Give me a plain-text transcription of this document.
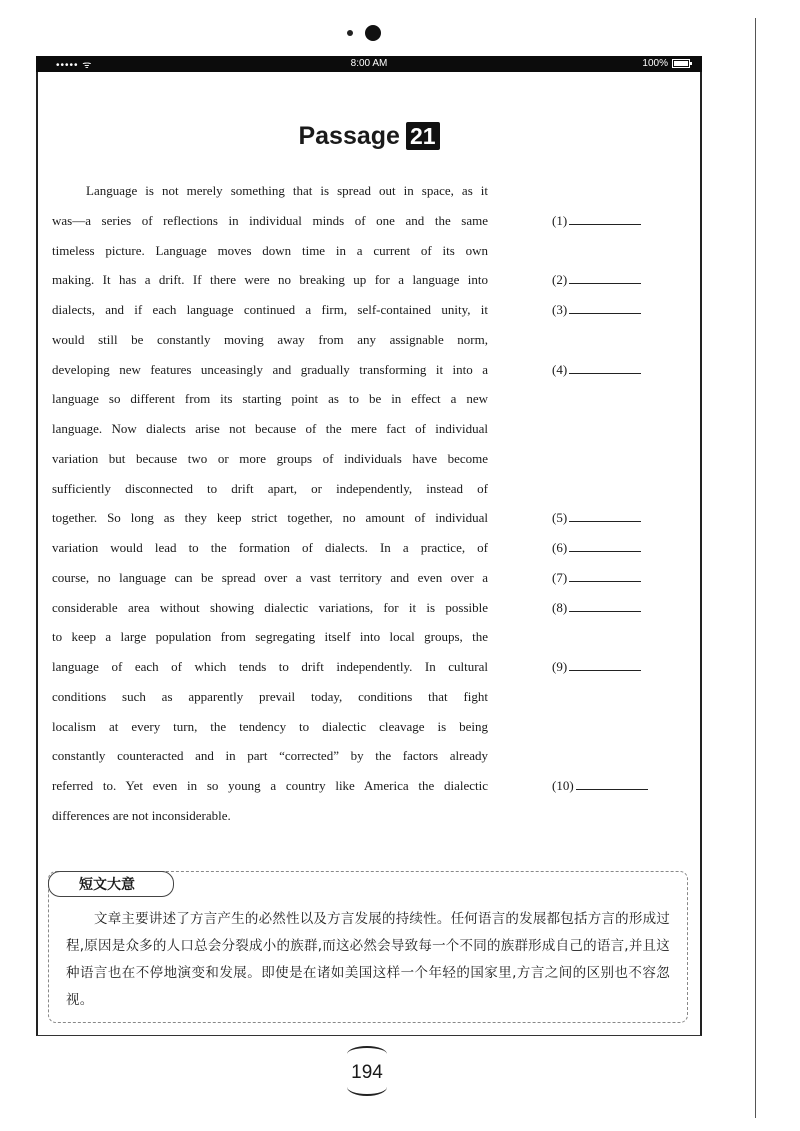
••••• ᯤ	8:00 AM	100%
Passage 21
Language is not merely something that is spread out in space, as it
was—a series of reflections in individual minds of one and the same	(1)
timeless picture. Language moves down time in a current of its own
making. It has a drift. If there were no breaking up for a language into	(2)
dialects, and if each language continued a firm, self-contained unity, it	(3)
would still be constantly moving away from any assignable norm,
developing new features unceasingly and gradually transforming it into a	(4)
language so different from its starting point as to be in effect a new
language. Now dialects arise not because of the mere fact of individual
variation but because two or more groups of individuals have become
sufficiently disconnected to drift apart, or independently, instead of
together. So long as they keep strict together, no amount of individual	(5)
variation would lead to the formation of dialects. In a practice, of	(6)
course, no language can be spread over a vast territory and even over a	(7)
considerable area without showing dialectic variations, for it is possible	(8)
to keep a large population from segregating itself into local groups, the
language of each of which tends to drift independently. In cultural	(9)
conditions such as apparently prevail today, conditions that fight
localism at every turn, the tendency to dialectic cleavage is being
constantly counteracted and in part “corrected” by the factors already
referred to. Yet even in so young a country like America the dialectic	(10)
differences are not inconsiderable.
短文大意
文章主要讲述了方言产生的必然性以及方言发展的持续性。任何语言的发展都包括方言的形成过程,原因是众多的人口总会分裂成小的族群,而这必然会导致每一个不同的族群形成自己的语言,并且这种语言也在不停地演变和发展。即使是在诸如美国这样一个年轻的国家里,方言之间的区别也不容忽视。
194
